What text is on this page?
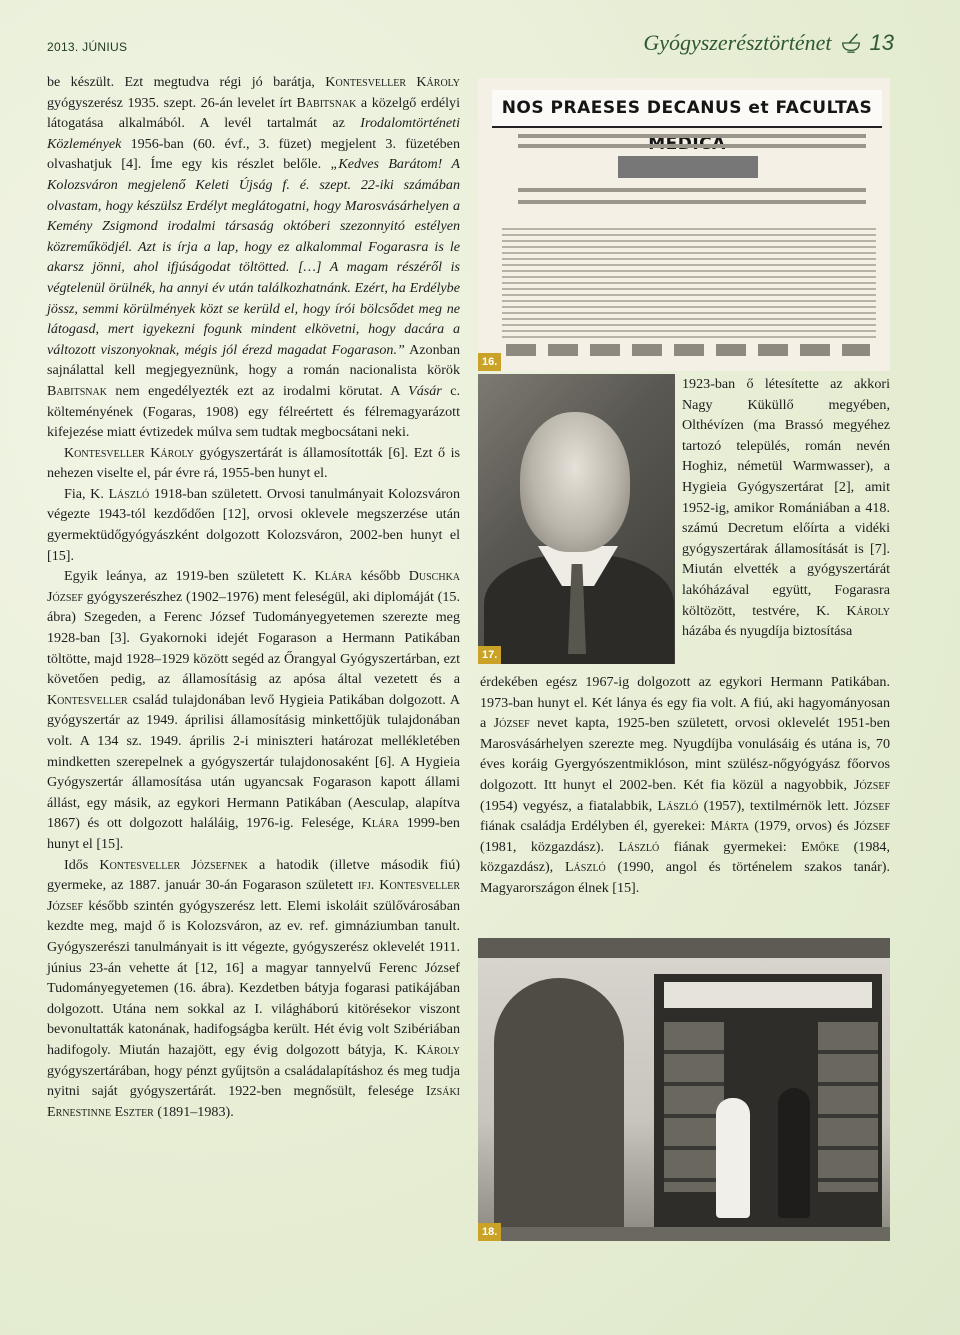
2013. JÚNIUS	Gyógyszerésztörténet 13

be készült. Ezt megtudva régi jó barátja, Kontesveller Károly gyógyszerész 1935. szept. 26-án levelet írt Babitsnak a közelgő erdélyi látogatása alkalmából. A levél tartalmát az Irodalomtörténeti Közlemények 1956-ban (60. évf., 3. füzet) megjelent 3. füzetében olvashatjuk [4]. Íme egy kis részlet belőle. „Kedves Barátom! A Kolozsváron megjelenő Keleti Újság f. é. szept. 22-iki számában olvastam, hogy készülsz Erdélyt meglátogatni, hogy Marosvásárhelyen a Kemény Zsigmond irodalmi társaság októberi szezonnyitó estélyen közreműködjél. Azt is írja a lap, hogy ez alkalommal Fogarasra is le akarsz jönni, ahol ifjúságodat töltötted. […] A magam részéről is végtelenül örülnék, ha annyi év után találkozhatnánk. Ezért, ha Erdélybe jössz, semmi körülmények közt se kerüld el, hogy írói bölcsődet meg ne látogasd, mert igyekezni fogunk mindent elkövetni, hogy dacára a változott viszonyoknak, mégis jól érezd magadat Fogarason.” Azonban sajnálattal kell megjegyeznünk, hogy a román nacionalista körök Babitsnak nem engedélyezték ezt az irodalmi körutat. A Vásár c. költeményének (Fogaras, 1908) egy félreértett és félremagyarázott kifejezése miatt évtizedek múlva sem tudtak megbocsátani neki.

Kontesveller Károly gyógyszertárát is államosították [6]. Ezt ő is nehezen viselte el, pár évre rá, 1955-ben hunyt el.

Fia, K. László 1918-ban született. Orvosi tanulmányait Kolozsváron végezte 1943-tól kezdődően [12], orvosi oklevele megszerzése után gyermektüdőgyógyászként dolgozott Kolozsváron, 2002-ben hunyt el [15].

Egyik leánya, az 1919-ben született K. Klára később Duschka József gyógyszerészhez (1902–1976) ment feleségül, aki diplomáját (15. ábra) Szegeden, a Ferenc József Tudományegyetemen szerezte meg 1928-ban [3]. Gyakornoki idejét Fogarason a Hermann Patikában töltötte, majd 1928–1929 között segéd az Őrangyal Gyógyszertárban, ezt követően pedig, az államosításig az apósa által vezetett és a Kontesveller család tulajdonában levő Hygieia Patikában dolgozott. A gyógyszertár az 1949. áprilisi államosításig minkettőjük tulajdonában volt. A 134 sz. 1949. április 2-i miniszteri határozat mellékletében mindketten szerepelnek a gyógyszertár tulajdonosaként [6]. A Hygieia Gyógyszertár államosítása után ugyancsak Fogarason kapott állami állást, egy másik, az egykori Hermann Patikában (Aesculap, alapítva 1867) és ott dolgozott haláláig, 1976-ig. Felesége, Klára 1999-ben hunyt el [15].

Idős Kontesveller Józsefnek a hatodik (illetve második fiú) gyermeke, az 1887. január 30-án Fogarason született ifj. Kontesveller József később szintén gyógyszerész lett. Elemi iskoláit szülővárosában kezdte meg, majd ő is Kolozsváron, az ev. ref. gimnáziumban tanult. Gyógyszerészi tanulmányait is itt végezte, gyógyszerész oklevelét 1911. június 23-án vehette át [12, 16] a magyar tannyelvű Ferenc József Tudományegyetemen (16. ábra). Kezdetben bátyja fogarasi patikájában dolgozott. Utána nem sokkal az I. világháború kitörésekor viszont bevonultatták katonának, hadifogságba került. Hét évig volt Szibériában hadifogoly. Miután hazajött, egy évig dolgozott bátyja, K. Károly gyógyszertárában, hogy pénzt gyűjtsön a családalapításhoz és meg tudja nyitni saját gyógyszertárát. 1922-ben megnősült, felesége Izsáki Ernestinne Eszter (1891–1983).

NOS PRAESES DECANUS et FACULTAS
16.
17.

1923-ban ő létesítette az akkori Nagy Küküllő megyében, Olthévízen (ma Brassó megyéhez tartozó település, román nevén Hoghiz, németül Warmwasser), a Hygieia Gyógyszertárat [2], amit 1952-ig, amikor Romániában a 418. számú Decretum előírta a vidéki gyógyszertárak államosítását is [7]. Miután elvették a gyógyszertárát lakóházával együtt, Fogarasra költözött, testvére, K. Károly házába és nyugdíja biztosítása

érdekében egész 1967-ig dolgozott az egykori Hermann Patikában. 1973-ban hunyt el. Két lánya és egy fia volt. A fiú, aki hagyományosan a József nevet kapta, 1925-ben született, orvosi oklevelét 1951-ben Marosvásárhelyen szerezte meg. Nyugdíjba vonulásáig és utána is, 70 éves koráig Gyergyószentmiklóson, mint szülész-nőgyógyász főorvos dolgozott. Itt hunyt el 2002-ben. Két fia közül a nagyobbik, József (1954) vegyész, a fiatalabbik, László (1957), textilmérnök lett. József fiának családja Erdélyben él, gyerekei: Márta (1979, orvos) és József (1981, közgazdász). László fiának gyermekei: Emőke (1984, közgazdász), László (1990, angol és történelem szakos tanár). Magyarországon élnek [15].

18.
